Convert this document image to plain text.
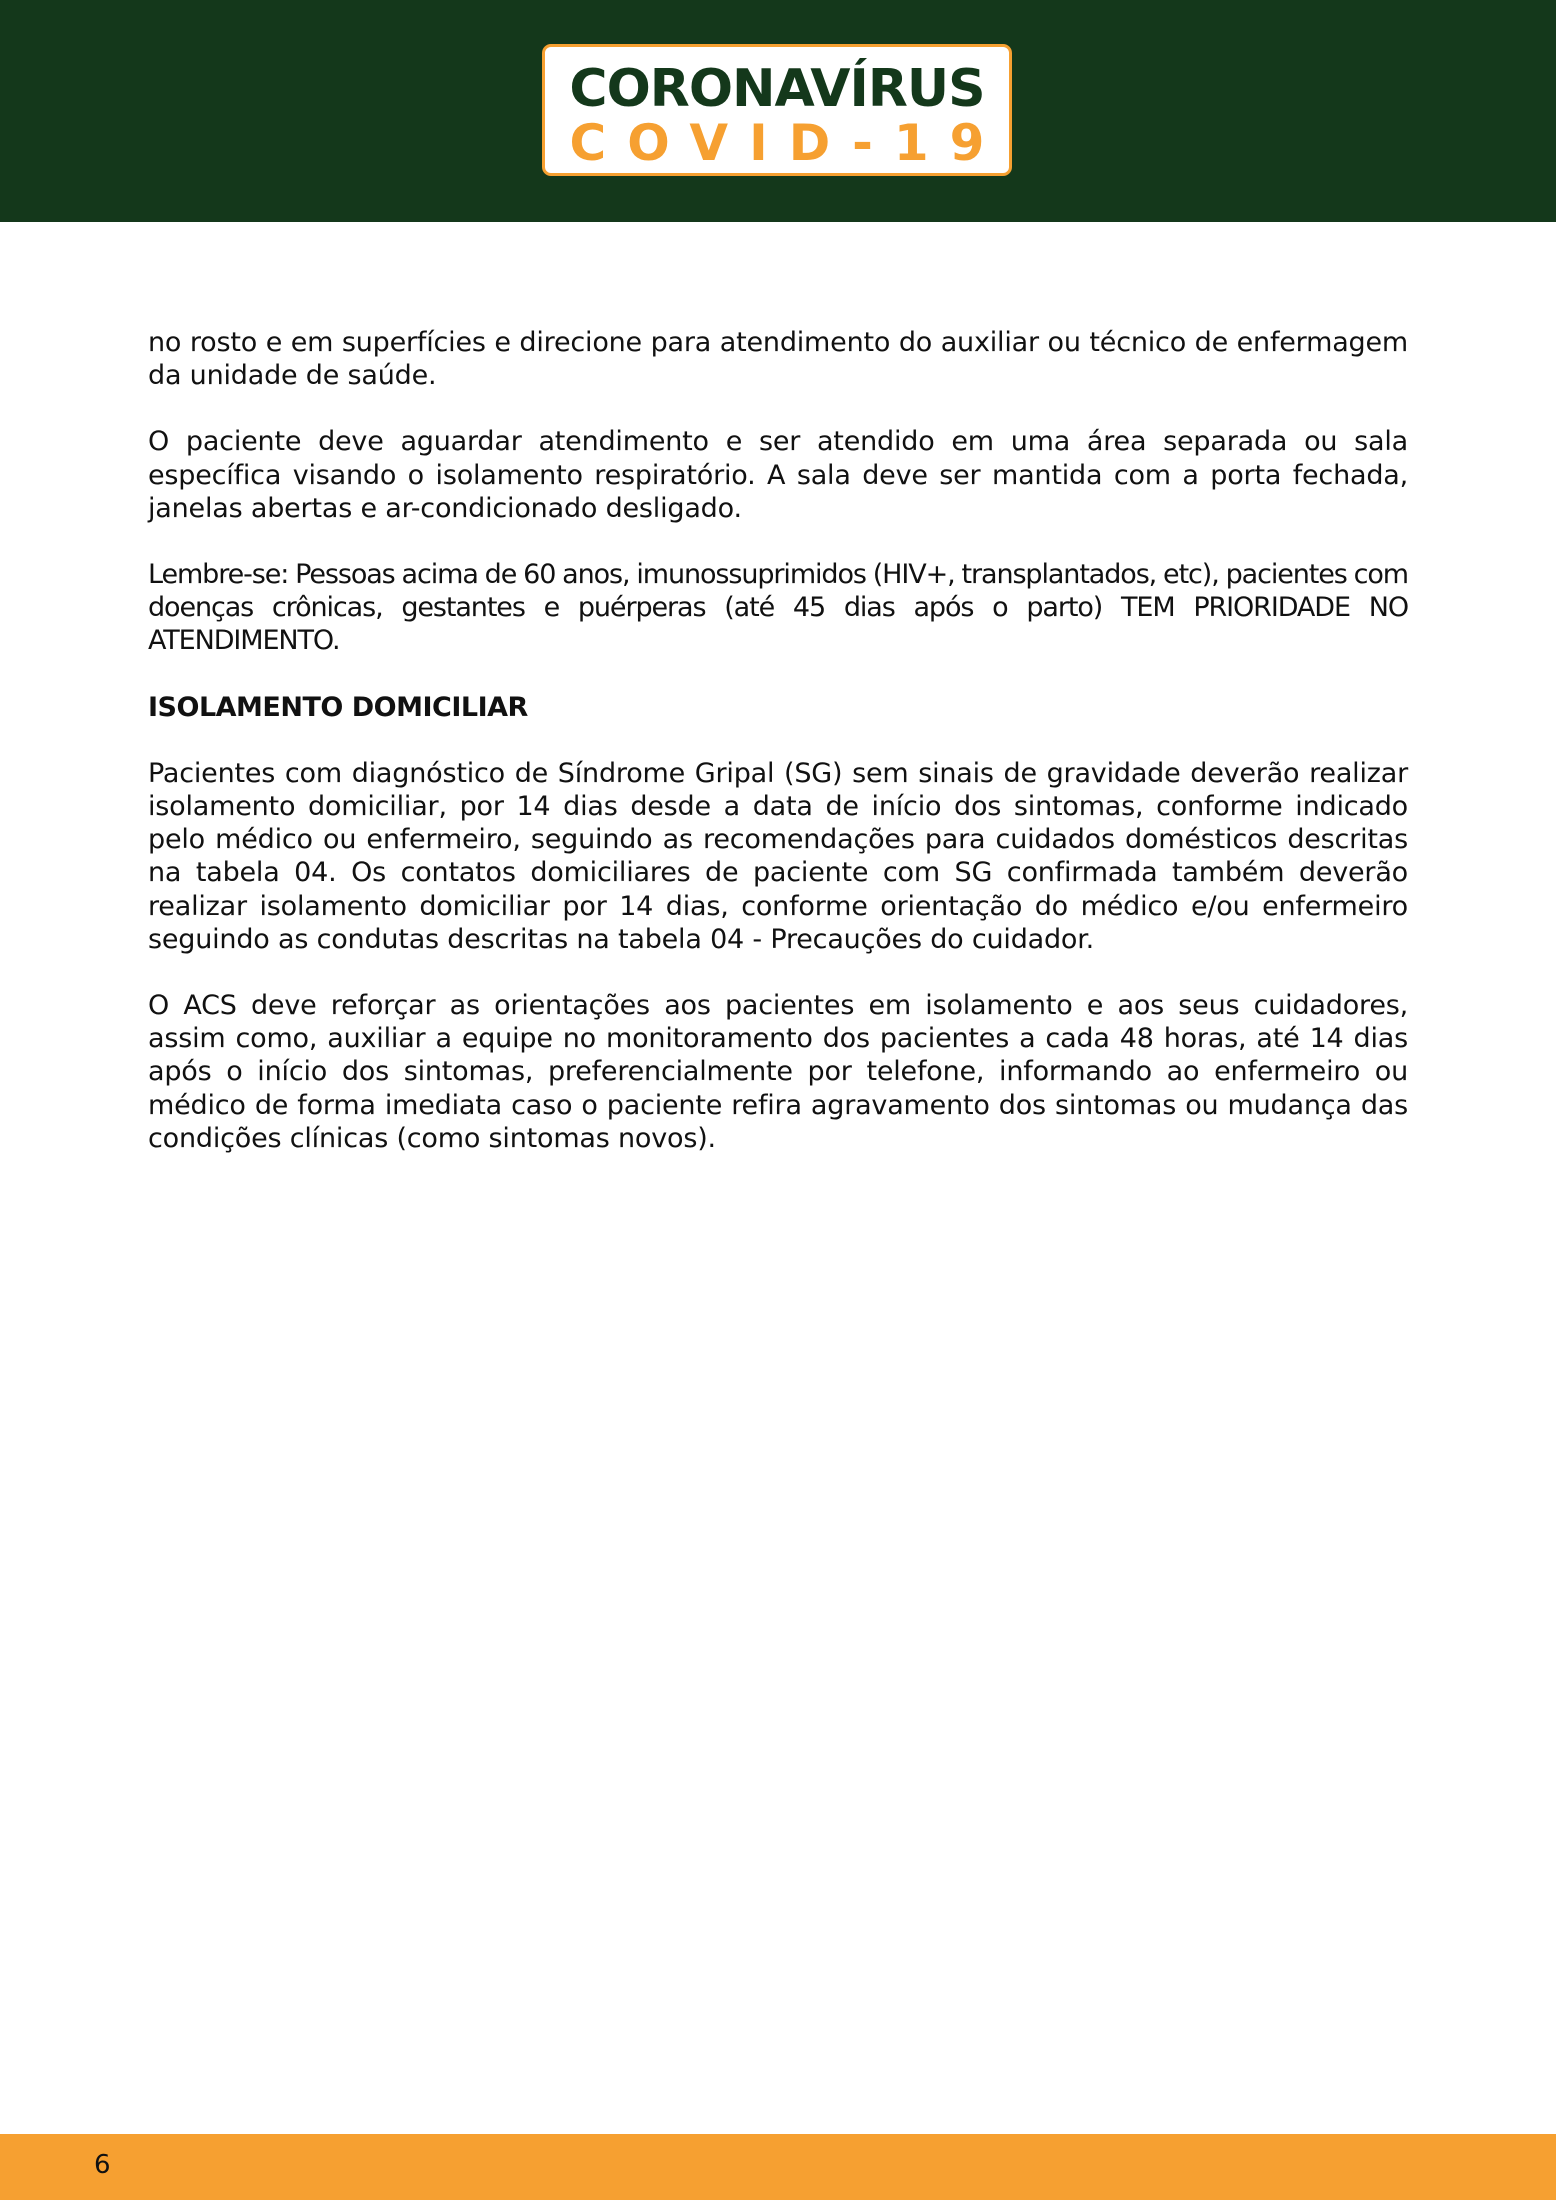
CORONAVÍRUS
COVID-19

no rosto e em superfícies e direcione para atendimento do auxiliar ou técnico de enfermagem da unidade de saúde.

O paciente deve aguardar atendimento e ser atendido em uma área separada ou sala específica visando o isolamento respiratório. A sala deve ser mantida com a porta fechada, janelas abertas e ar-condicionado desligado.

Lembre-se: Pessoas acima de 60 anos, imunossuprimidos (HIV+, transplantados, etc), pacientes com doenças crônicas, gestantes e puérperas (até 45 dias após o parto) TEM PRIORIDADE NO ATENDIMENTO.

ISOLAMENTO DOMICILIAR

Pacientes com diagnóstico de Síndrome Gripal (SG) sem sinais de gravidade deverão realizar isolamento domiciliar, por 14 dias desde a data de início dos sintomas, conforme indicado pelo médico ou enfermeiro, seguindo as recomendações para cuidados domésticos descritas na tabela 04. Os contatos domiciliares de paciente com SG confirmada também deverão realizar isolamento domiciliar por 14 dias, conforme orientação do médico e/ou enfermeiro seguindo as condutas descritas na tabela 04 - Precauções do cuidador.

O ACS deve reforçar as orientações aos pacientes em isolamento e aos seus cuidadores, assim como, auxiliar a equipe no monitoramento dos pacientes a cada 48 horas, até 14 dias após o início dos sintomas, preferencialmente por telefone, informando ao enfermeiro ou médico de forma imediata caso o paciente refira agravamento dos sintomas ou mudança das condições clínicas (como sintomas novos).

6
